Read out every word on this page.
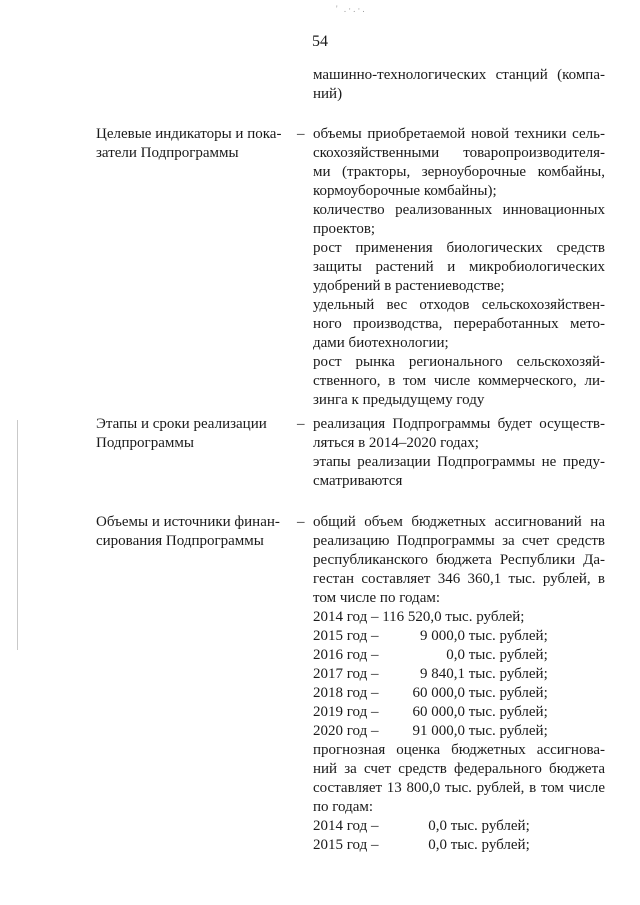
' .·.·.
54
машинно-технологических станций (компа-
ний)
Целевые индикаторы и пока-
затели Подпрограммы
– объемы приобретаемой новой техники сель-
скохозяйственными товаропроизводителя-
ми (тракторы, зерноуборочные комбайны,
кормоуборочные комбайны);
количество реализованных инновационных
проектов;
рост применения биологических средств
защиты растений и микробиологических
удобрений в растениеводстве;
удельный вес отходов сельскохозяйствен-
ного производства, переработанных мето-
дами биотехнологии;
рост рынка регионального сельскохозяй-
ственного, в том числе коммерческого, ли-
зинга к предыдущему году
Этапы и сроки реализации
Подпрограммы
– реализация Подпрограммы будет осуществ-
ляться в 2014–2020 годах;
этапы реализации Подпрограммы не преду-
сматриваются
Объемы и источники финан-
сирования Подпрограммы
– общий объем бюджетных ассигнований на
реализацию Подпрограммы за счет средств
республиканского бюджета Республики Да-
гестан составляет 346 360,1 тыс. рублей, в
том числе по годам:
2014 год – 116 520,0 тыс. рублей;
2015 год –	9 000,0 тыс. рублей;
2016 год –	0,0 тыс. рублей;
2017 год –	9 840,1 тыс. рублей;
2018 год – 60 000,0 тыс. рублей;
2019 год – 60 000,0 тыс. рублей;
2020 год – 91 000,0 тыс. рублей;
прогнозная оценка бюджетных ассигнова-
ний за счет средств федерального бюджета
составляет 13 800,0 тыс. рублей, в том числе
по годам:
2014 год –	0,0 тыс. рублей;
2015 год –	0,0 тыс. рублей;
